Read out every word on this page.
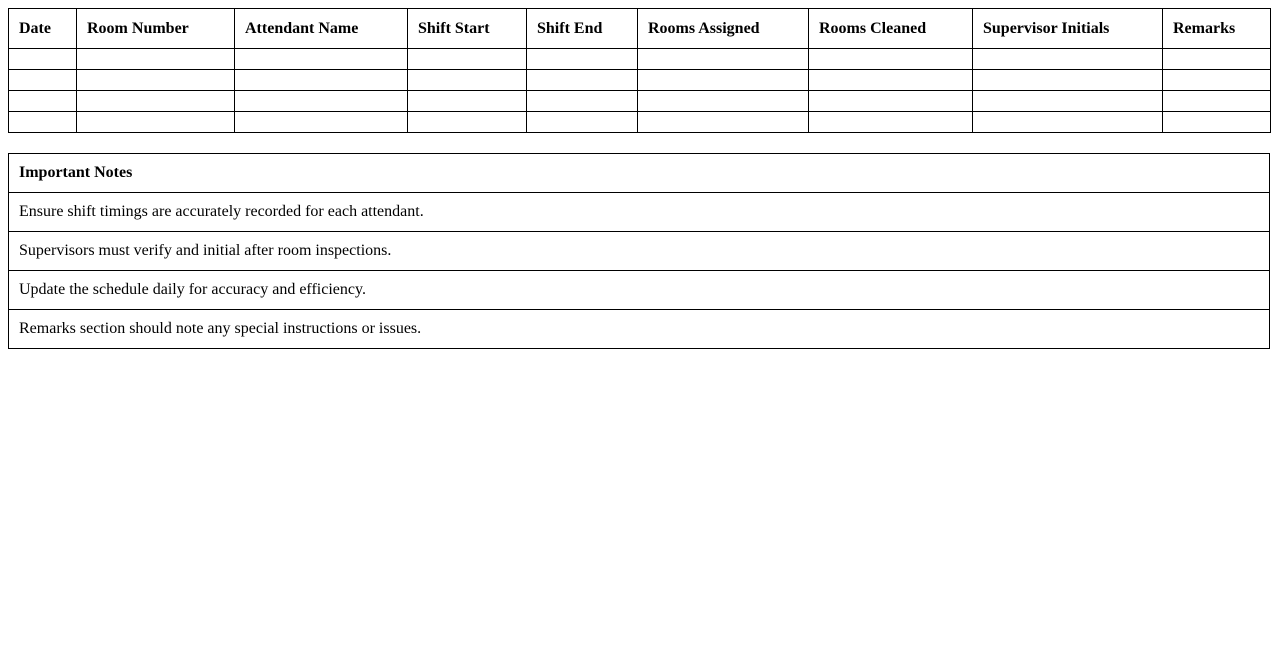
Date	Room Number	Attendant Name	Shift Start	Shift End	Rooms Assigned	Rooms Cleaned	Supervisor Initials	Remarks

Important Notes
Ensure shift timings are accurately recorded for each attendant.
Supervisors must verify and initial after room inspections.
Update the schedule daily for accuracy and efficiency.
Remarks section should note any special instructions or issues.
